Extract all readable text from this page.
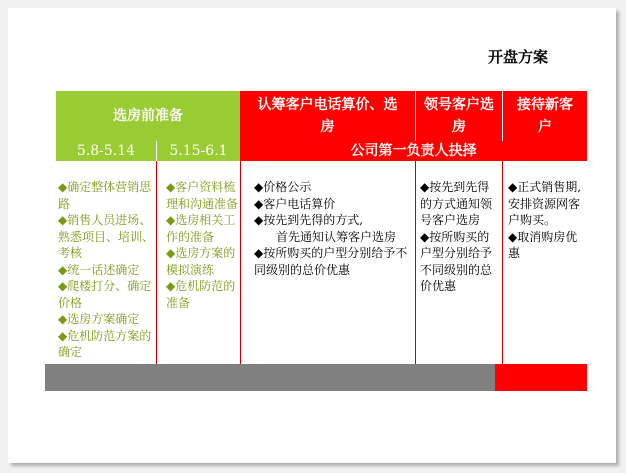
开盘方案
选房前准备
认筹客户电话算价、选房
领号客户选房
接待新客户
5.8-5.14 5.15-6.1	公司第一负责人抉择
◆确定整体营销思路
◆销售人员进场、熟悉项目、培训、考核
◆统一话述确定
◆爬楼打分、确定价格
◆选房方案确定
◆危机防范方案的确定
◆客户资料梳理和沟通准备
◆选房相关工作的准备
◆选房方案的模拟演练
◆危机防范的准备
◆价格公示
◆客户电话算价
◆按先到先得的方式,
首先通知认筹客户选房
◆按所购买的户型分别给予不同级别的总价优惠
◆按先到先得的方式通知领号客户选房
◆按所购买的户型分别给予不同级别的总价优惠
◆正式销售期,安排资源网客户购买。
◆取消购房优惠
